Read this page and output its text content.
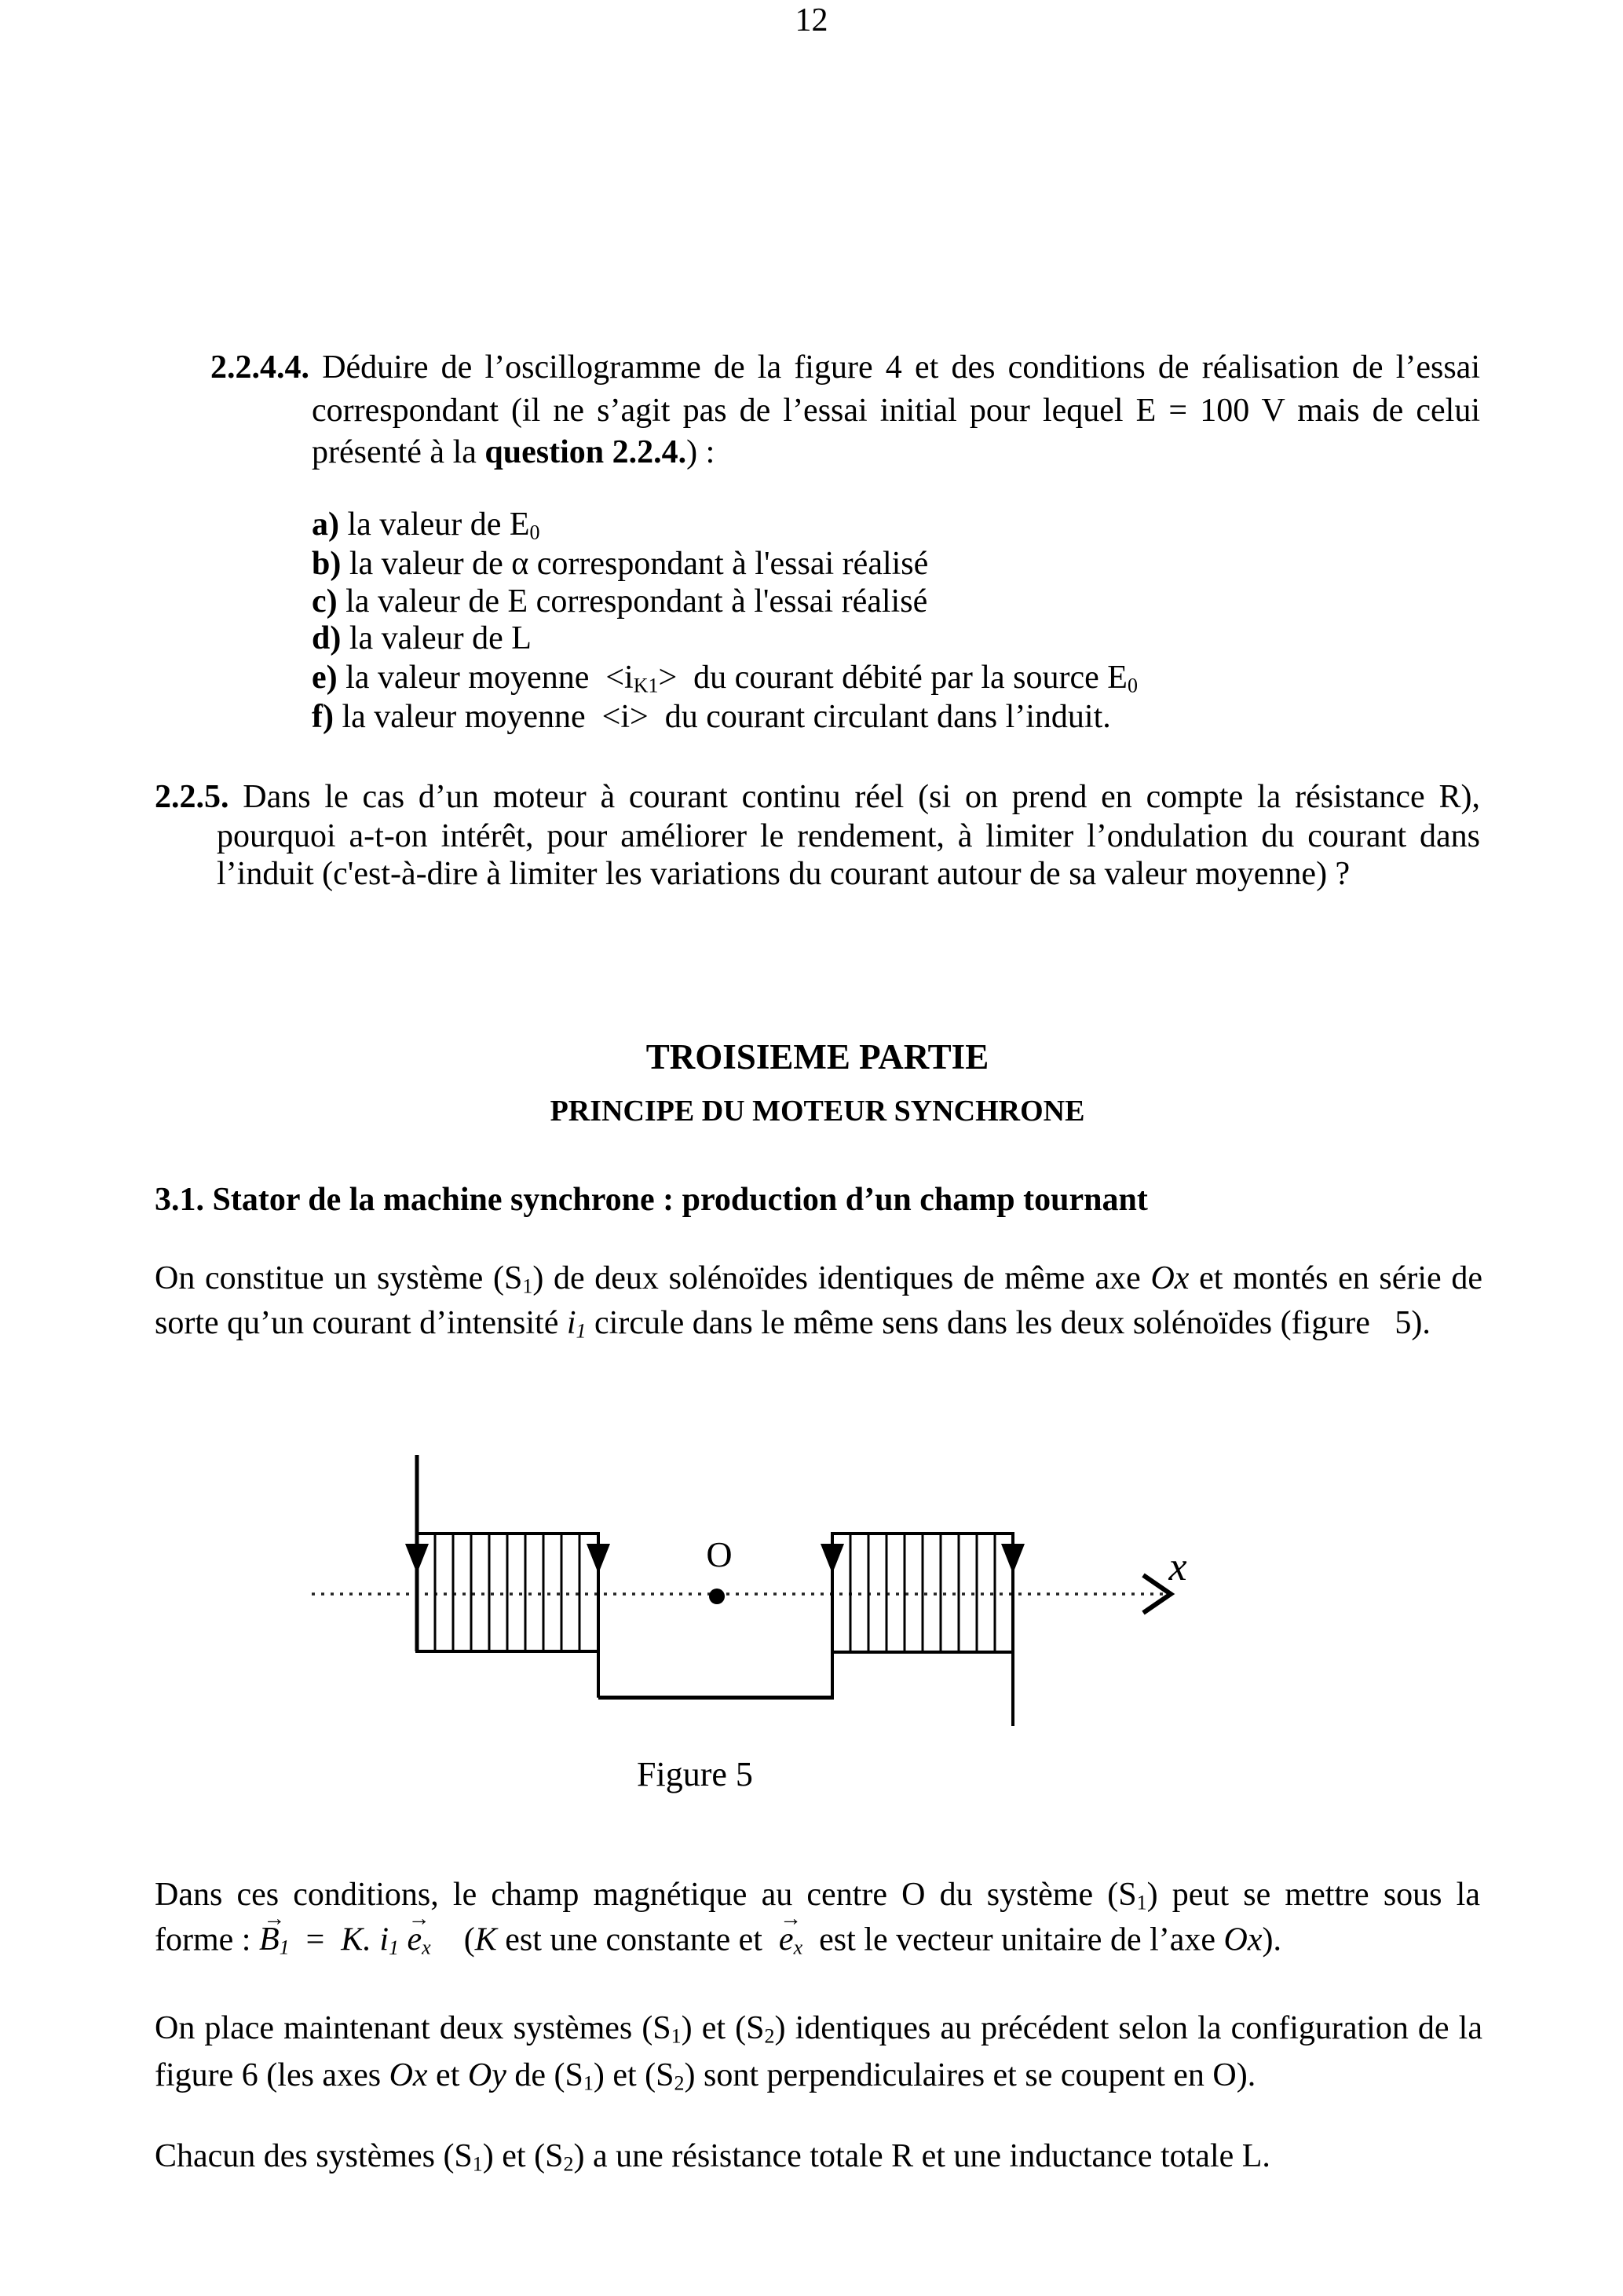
12
2.2.4.4. Déduire de l’oscillogramme de la figure 4 et des conditions de réalisation de l’essai
correspondant (il ne s’agit pas de l’essai initial pour lequel E = 100 V mais de celui
présenté à la question 2.2.4.) :
a) la valeur de $E_0$
b) la valeur de α correspondant à l'essai réalisé
c) la valeur de E correspondant à l'essai réalisé
d) la valeur de L
e) la valeur moyenne $<i_{K1}>$ du courant débité par la source $E_0$
f) la valeur moyenne <i> du courant circulant dans l’induit.
2.2.5. Dans le cas d’un moteur à courant continu réel (si on prend en compte la résistance R),
pourquoi a-t-on intérêt, pour améliorer le rendement, à limiter l’ondulation du courant dans
l’induit (c'est-à-dire à limiter les variations du courant autour de sa valeur moyenne) ?
TROISIEME PARTIE
PRINCIPE DU MOTEUR SYNCHRONE
3.1. Stator de la machine synchrone : production d’un champ tournant
On constitue un système $(S_1)$ de deux solénoïdes identiques de même axe Ox et montés en série de
sorte qu’un courant d’intensité $i_1$ circule dans le même sens dans les deux solénoïdes (figure  5).
x
O
Figure 5
Dans ces conditions, le champ magnétique au centre O du système $(S_1)$ peut se mettre sous la
forme :
→
$B_1$  = K. $i_1$
→
$e_x$   (K est une constante et 
→
$e_x$  est le vecteur unitaire de l’axe Ox).
On place maintenant deux systèmes $(S_1)$ et $(S_2)$ identiques au précédent selon la configuration de la
figure 6 (les axes Ox et Oy de $(S_1)$ et $(S_2)$ sont perpendiculaires et se coupent en O).
Chacun des systèmes $(S_1)$ et $(S_2)$ a une résistance totale R et une inductance totale L.
